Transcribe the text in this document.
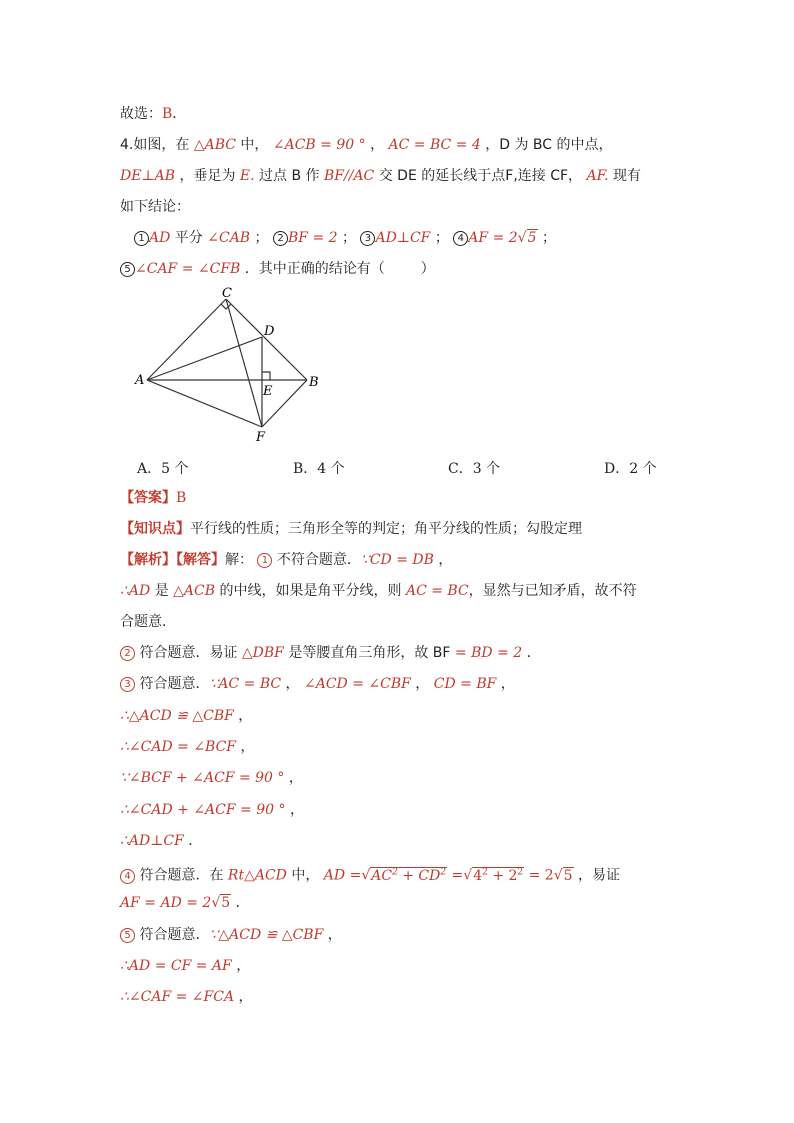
故选：B．
4.如图，在 △ABC 中， ∠ACB = 90 ° ， AC = BC = 4 ，D 为 BC 的中点，
DE⊥AB ，垂足为 E. 过点 B 作 BF//AC 交 DE 的延长线于点F,连接 CF， AF. 现有
如下结论：
1 AD 平分 ∠CAB ； 2 BF = 2 ； 3 AD⊥CF ； 4 AF = 2√5 ；
5 ∠CAF = ∠CFB ．其中正确的结论有（	）
C
D
A
E
B
F
A．5 个	B．4 个	C．3 个	D．2 个
【答案】B
【知识点】平行线的性质；三角形全等的判定；角平分线的性质；勾股定理
【解析】【解答】解： 1 不符合题意．∵CD = DB ，
∴AD 是 △ACB 的中线，如果是角平分线，则 AC = BC，显然与已知矛盾，故不符
合题意．
2 符合题意．易证 △DBF 是等腰直角三角形，故 BF = BD = 2 ．
3 符合题意．∵AC = BC ， ∠ACD = ∠CBF ， CD = BF ，
∴△ACD ≌ △CBF ，
∴∠CAD = ∠BCF ，
∵∠BCF + ∠ACF = 90 ° ，
∴∠CAD + ∠ACF = 90 ° ，
∴AD⊥CF ．
4 符合题意．在 Rt△ACD 中， AD $=√AC^2 + CD^2 =√4^2 + 2^2 = 2√5$ ，易证
AF = AD = 2√5 ．
5 符合题意．∵△ACD ≌ △CBF ，
∴AD = CF = AF ，
∴∠CAF = ∠FCA ，
